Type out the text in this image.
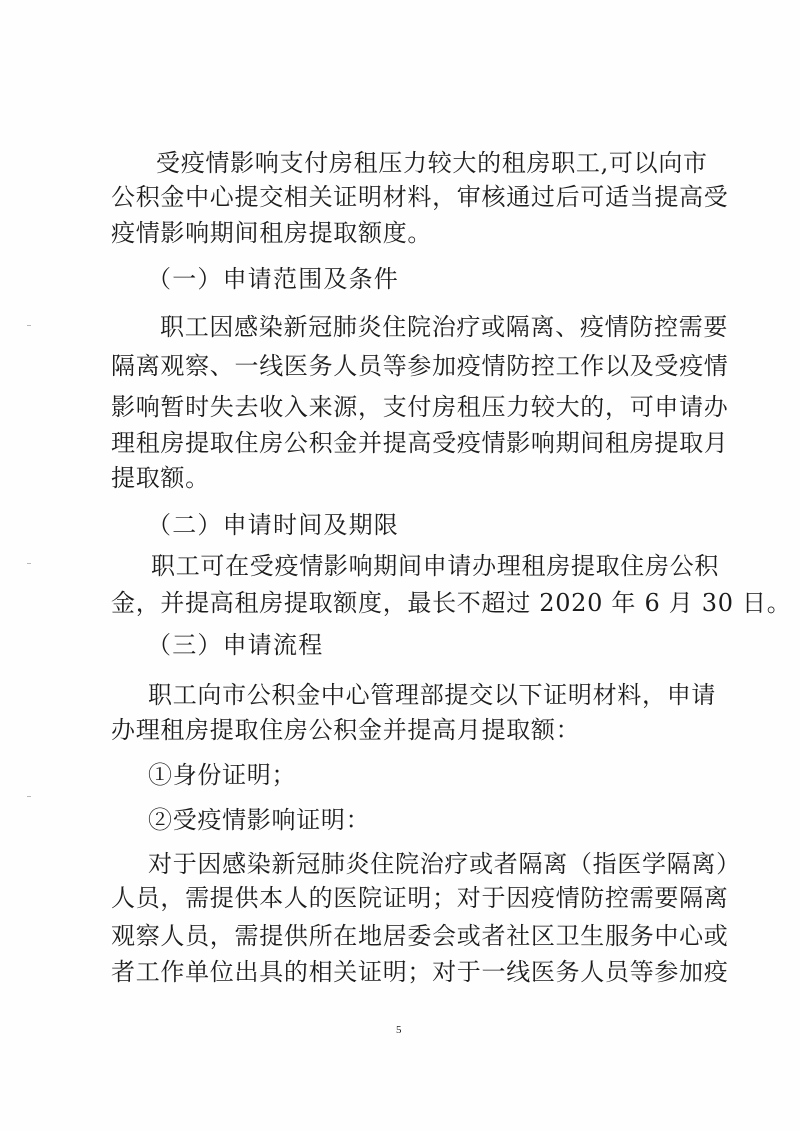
受疫情影响支付房租压力较大的租房职工,可以向市
公积金中心提交相关证明材料，审核通过后可适当提高受
疫情影响期间租房提取额度。
（一）申请范围及条件
职工因感染新冠肺炎住院治疗或隔离、疫情防控需要
隔离观察、一线医务人员等参加疫情防控工作以及受疫情
影响暂时失去收入来源，支付房租压力较大的，可申请办
理租房提取住房公积金并提高受疫情影响期间租房提取月
提取额。
（二）申请时间及期限
职工可在受疫情影响期间申请办理租房提取住房公积
金，并提高租房提取额度，最长不超过 2020 年 6 月 30 日。
（三）申请流程
职工向市公积金中心管理部提交以下证明材料，申请
办理租房提取住房公积金并提高月提取额：
①身份证明；
②受疫情影响证明：
对于因感染新冠肺炎住院治疗或者隔离（指医学隔离）
人员，需提供本人的医院证明；对于因疫情防控需要隔离
观察人员，需提供所在地居委会或者社区卫生服务中心或
者工作单位出具的相关证明；对于一线医务人员等参加疫
5
